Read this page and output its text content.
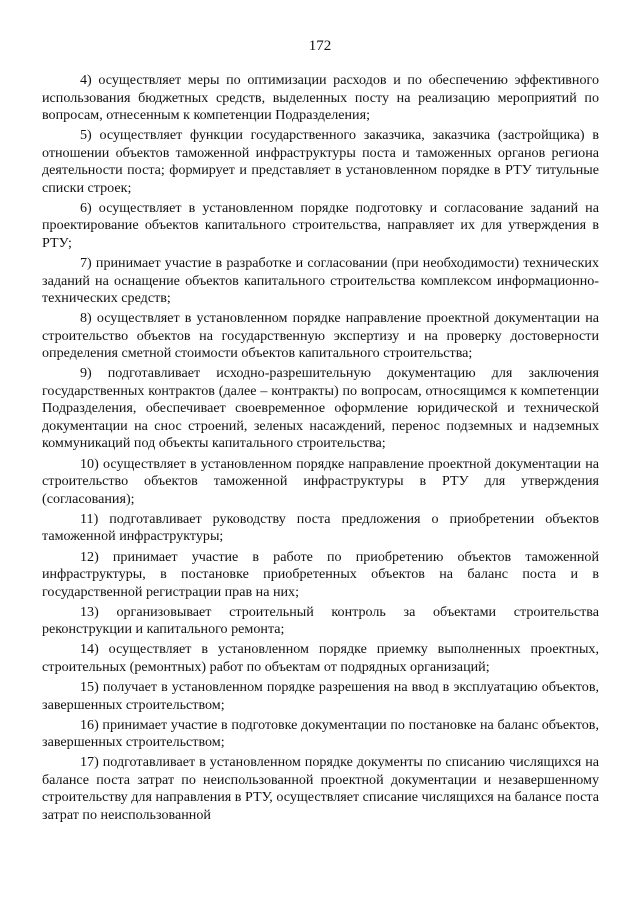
172

4) осуществляет меры по оптимизации расходов и по обеспечению эффективного использования бюджетных средств, выделенных посту на реализацию мероприятий по вопросам, отнесенным к компетенции Подразделения;

5) осуществляет функции государственного заказчика, заказчика (застройщика) в отношении объектов таможенной инфраструктуры поста и таможенных органов региона деятельности поста; формирует и представляет в установленном порядке в РТУ титульные списки строек;

6) осуществляет в установленном порядке подготовку и согласование заданий на проектирование объектов капитального строительства, направляет их для утверждения в РТУ;

7) принимает участие в разработке и согласовании (при необходимости) технических заданий на оснащение объектов капитального строительства комплексом информационно-технических средств;

8) осуществляет в установленном порядке направление проектной документации на строительство объектов на государственную экспертизу и на проверку достоверности определения сметной стоимости объектов капитального строительства;

9) подготавливает исходно-разрешительную документацию для заключения государственных контрактов (далее – контракты) по вопросам, относящимся к компетенции Подразделения, обеспечивает своевременное оформление юридической и технической документации на снос строений, зеленых насаждений, перенос подземных и надземных коммуникаций под объекты капитального строительства;

10) осуществляет в установленном порядке направление проектной документации на строительство объектов таможенной инфраструктуры в РТУ для утверждения (согласования);

11) подготавливает руководству поста предложения о приобретении объектов таможенной инфраструктуры;

12) принимает участие в работе по приобретению объектов таможенной инфраструктуры, в постановке приобретенных объектов на баланс поста и в государственной регистрации прав на них;

13) организовывает строительный контроль за объектами строительства реконструкции и капитального ремонта;

14) осуществляет в установленном порядке приемку выполненных проектных, строительных (ремонтных) работ по объектам от подрядных организаций;

15) получает в установленном порядке разрешения на ввод в эксплуатацию объектов, завершенных строительством;

16) принимает участие в подготовке документации по постановке на баланс объектов, завершенных строительством;

17) подготавливает в установленном порядке документы по списанию числящихся на балансе поста затрат по неиспользованной проектной документации и незавершенному строительству для направления в РТУ, осуществляет списание числящихся на балансе поста затрат по неиспользованной
